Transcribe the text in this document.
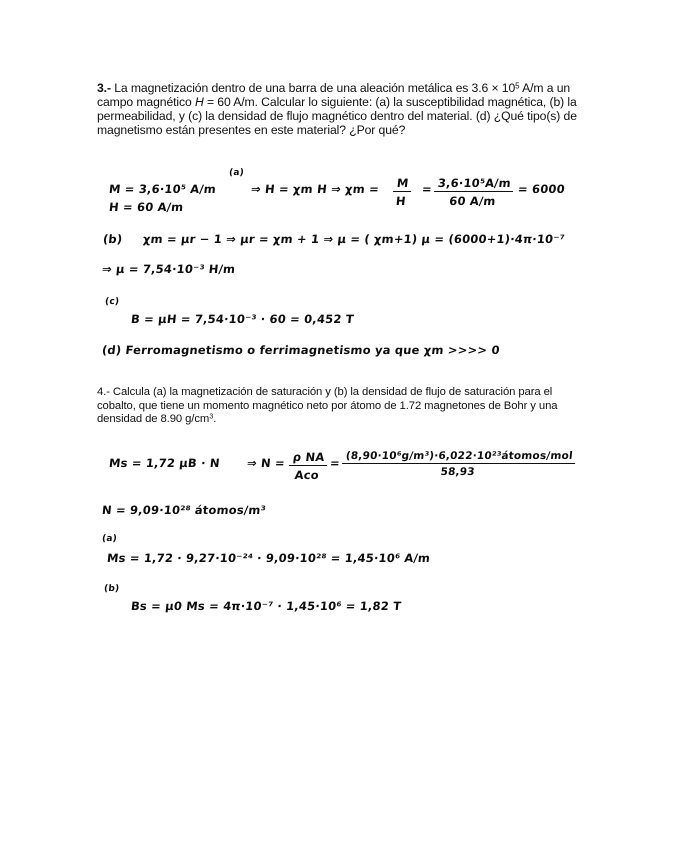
3.- La magnetización dentro de una barra de una aleación metálica es $3.6 \times 10^5$ A/m a un campo magnético H = 60 A/m. Calcular lo siguiente: (a) la susceptibilidad magnética, (b) la permeabilidad, y (c) la densidad de flujo magnético dentro del material. (d) ¿Qué tipo(s) de magnetismo están presentes en este material? ¿Por qué?
M = 3,6·10⁵ A/m
H = 60 A/m
(a)
⇒ H = χm H ⇒ $\chi m = \frac{M}{H} = \frac{\text{3,6·10⁵A/m}}{60 A/m} = 6000$
(b) χm = μr − 1 ⇒ μr = χm + 1 ⇒ μ = ( χm+1) μ = (6000+1)·4π·10⁻⁷
⇒ μ = 7,54·10⁻³ H/m
(c)
B = μH = 7,54·10⁻³ · 60 = 0,452 T
(d) Ferromagnetismo o ferrimagnetismo ya que χm >>>> 0
4.- Calcula (a) la magnetización de saturación y (b) la densidad de flujo de saturación para el cobalto, que tiene un momento magnético neto por átomo de 1.72 magnetones de Bohr y una densidad de 8.90 $g/cm^3$.
Ms = 1,72 μB · N ⇒ N = ρ NA
Aco
= (8,90·10⁶g/m³)·6,022·10²³átomos/mol
58,93
N = 9,09·10²⁸ átomos/m³
(a)
Ms = 1,72 · 9,27·10⁻²⁴ · 9,09·10²⁸ = 1,45·10⁶ A/m
(b)
Bs = μ0 Ms = 4π·10⁻⁷ · 1,45·10⁶ = 1,82 T
